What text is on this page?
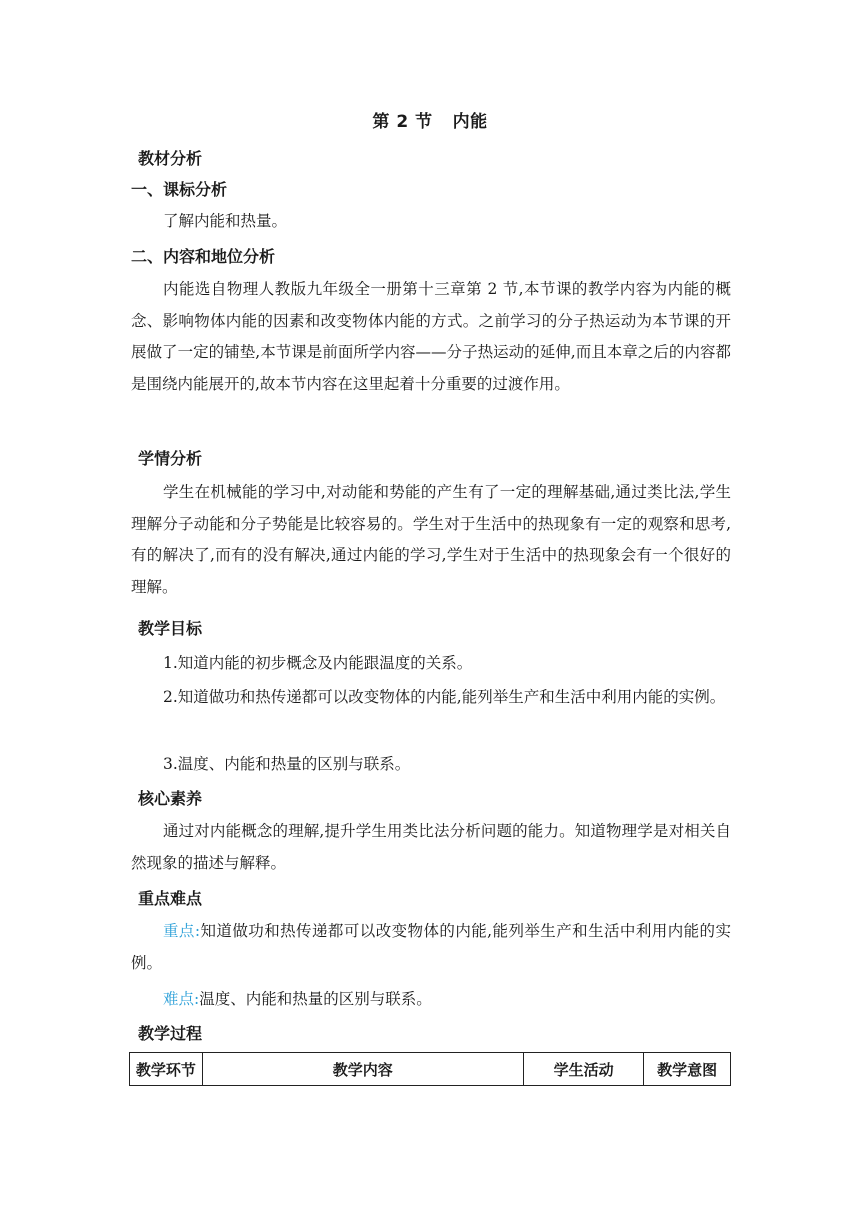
第 2 节 内能
教材分析
一、课标分析
了解内能和热量。
二、内容和地位分析
内能选自物理人教版九年级全一册第十三章第 2 节,本节课的教学内容为内能的概念、影响物体内能的因素和改变物体内能的方式。之前学习的分子热运动为本节课的开展做了一定的铺垫,本节课是前面所学内容——分子热运动的延伸,而且本章之后的内容都是围绕内能展开的,故本节内容在这里起着十分重要的过渡作用。
学情分析
学生在机械能的学习中,对动能和势能的产生有了一定的理解基础,通过类比法,学生理解分子动能和分子势能是比较容易的。学生对于生活中的热现象有一定的观察和思考,有的解决了,而有的没有解决,通过内能的学习,学生对于生活中的热现象会有一个很好的理解。
教学目标
1.知道内能的初步概念及内能跟温度的关系。
2.知道做功和热传递都可以改变物体的内能,能列举生产和生活中利用内能的实例。
3.温度、内能和热量的区别与联系。
核心素养
通过对内能概念的理解,提升学生用类比法分析问题的能力。知道物理学是对相关自然现象的描述与解释。
重点难点
重点:知道做功和热传递都可以改变物体的内能,能列举生产和生活中利用内能的实例。
难点:温度、内能和热量的区别与联系。
教学过程
教学环节	教学内容	学生活动	教学意图
